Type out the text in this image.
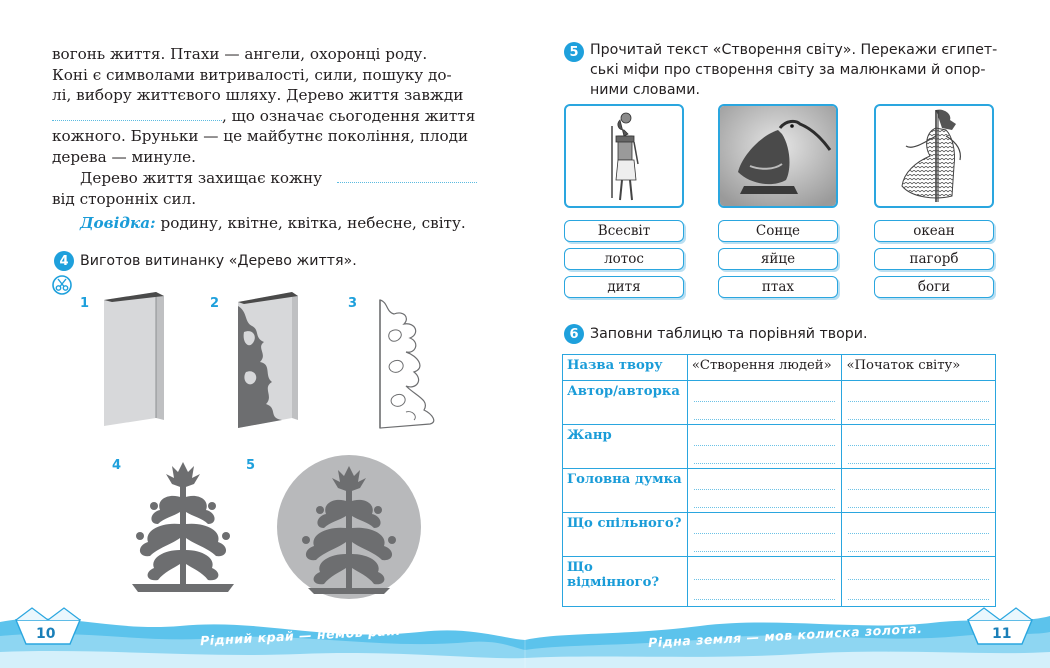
вогонь життя. Птахи — ангели, охоронці роду.
Коні є символами витривалості, сили, пошуку до-
лі, вибору життєвого шляху. Дерево життя завжди
, що означає сьогодення життя
кожного. Бруньки — це майбутнє покоління, плоди
дерева — минуле.
Дерево життя захищає кожну
від сторонніх сил.
Довідка: родину, квітне, квітка, небесне, світу.
4 Виготов витинанку «Дерево життя».
1	2	3
4	5
5 Прочитай текст «Створення світу». Перекажи єгипет-
ські міфи про створення світу за малюнками й опор-
ними словами.
Всесвіт
лотос
дитя
Сонце
яйце
птах
океан
пагорб
боги
6 Заповни таблицю та порівняй твори.
Назва твору	«Створення людей»	«Початок світу»
Автор/авторка	

Жанр	

Головна думка	

Що спільного?	

Що
відмінного?		

10	Рідний край — немов рай.	11
Рідна земля — мов колиска золота.
